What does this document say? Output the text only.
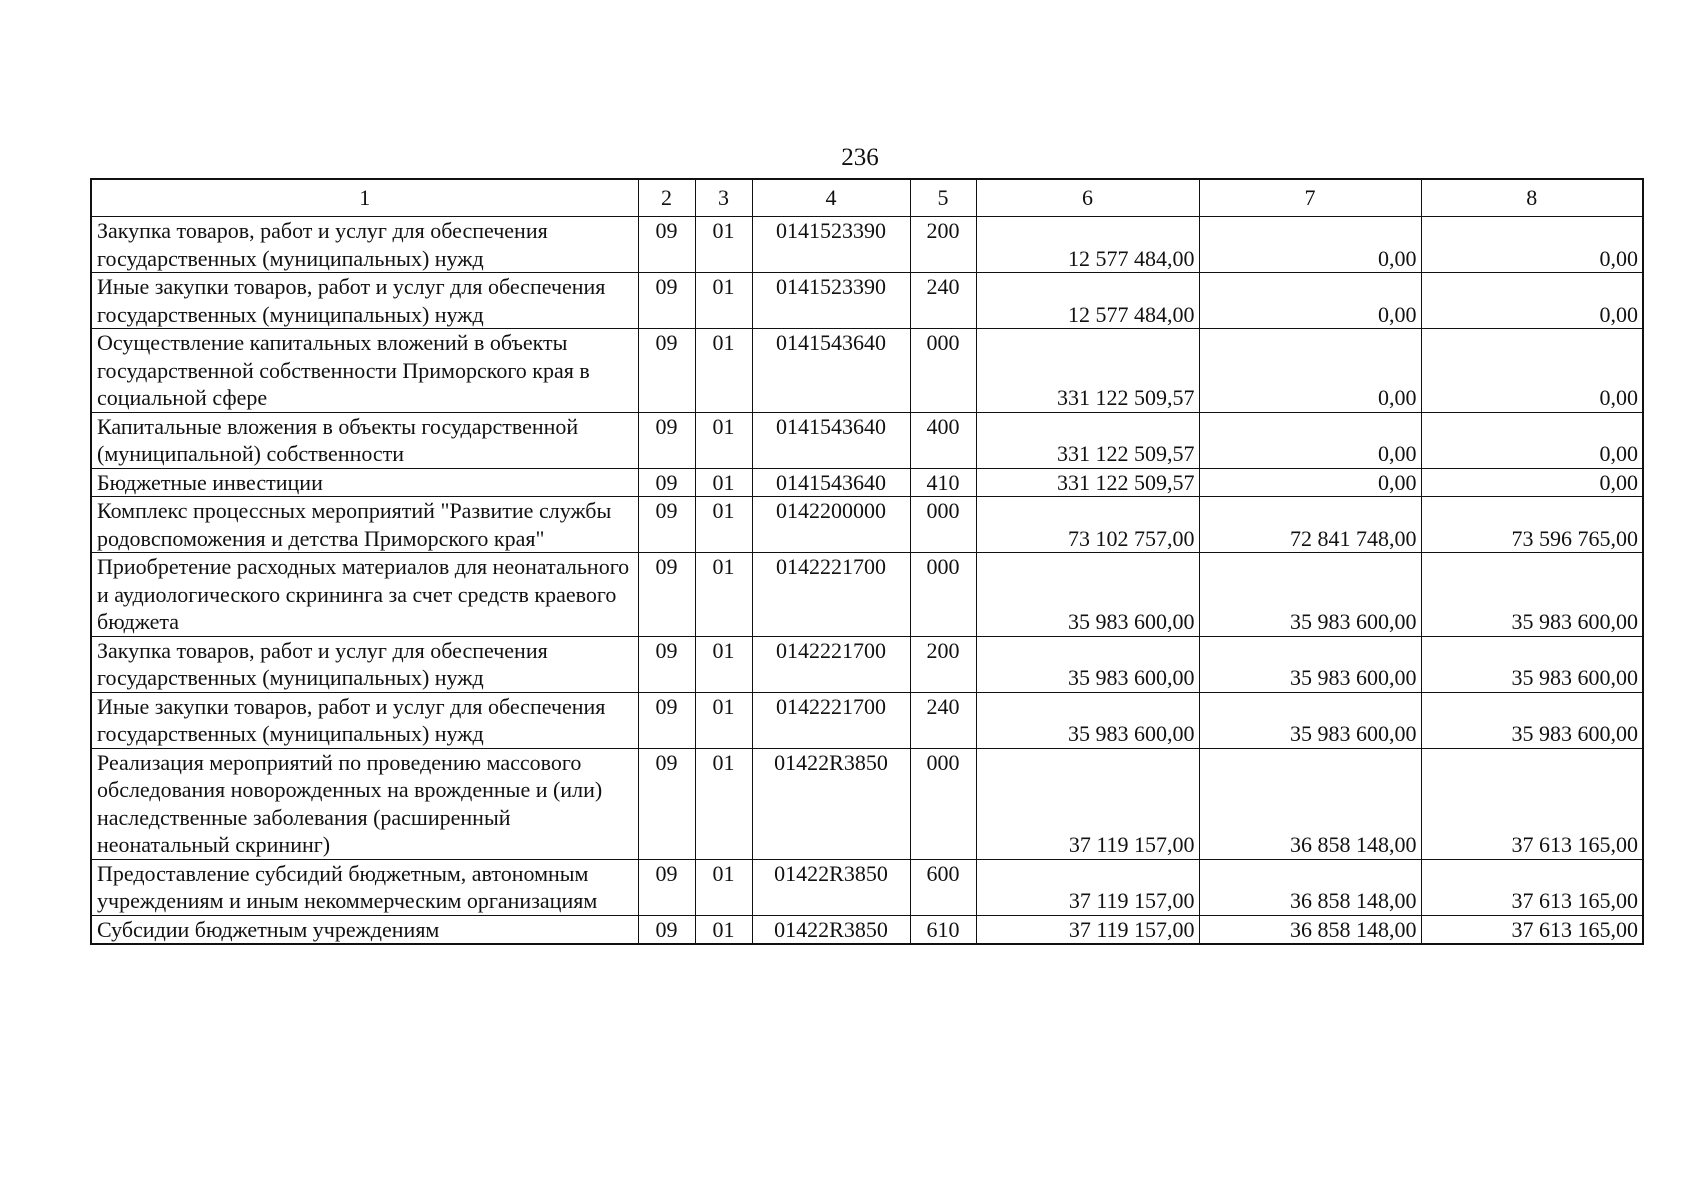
236
1	2	3	4	5	6	7	8
Закупка товаров, работ и услуг для обеспечения государственных (муниципальных) нужд	09	01	0141523390	200	12 577 484,00	0,00	0,00
Иные закупки товаров, работ и услуг для обеспечения государственных (муниципальных) нужд	09	01	0141523390	240	12 577 484,00	0,00	0,00
Осуществление капитальных вложений в объекты государственной собственности Приморского края в социальной сфере	09	01	0141543640	000	331 122 509,57	0,00	0,00
Капитальные вложения в объекты государственной (муниципальной) собственности	09	01	0141543640	400	331 122 509,57	0,00	0,00
Бюджетные инвестиции	09	01	0141543640	410	331 122 509,57	0,00	0,00
Комплекс процессных мероприятий "Развитие службы родовспоможения и детства Приморского края"	09	01	0142200000	000	73 102 757,00	72 841 748,00	73 596 765,00
Приобретение расходных материалов для неонатального и аудиологического скрининга за счет средств краевого бюджета	09	01	0142221700	000	35 983 600,00	35 983 600,00	35 983 600,00
Закупка товаров, работ и услуг для обеспечения государственных (муниципальных) нужд	09	01	0142221700	200	35 983 600,00	35 983 600,00	35 983 600,00
Иные закупки товаров, работ и услуг для обеспечения государственных (муниципальных) нужд	09	01	0142221700	240	35 983 600,00	35 983 600,00	35 983 600,00
Реализация мероприятий по проведению массового обследования новорожденных на врожденные и (или) наследственные заболевания (расширенный неонатальный скрининг)	09	01	01422R3850	000	37 119 157,00	36 858 148,00	37 613 165,00
Предоставление субсидий бюджетным, автономным учреждениям и иным некоммерческим организациям	09	01	01422R3850	600	37 119 157,00	36 858 148,00	37 613 165,00
Субсидии бюджетным учреждениям	09	01	01422R3850	610	37 119 157,00	36 858 148,00	37 613 165,00
